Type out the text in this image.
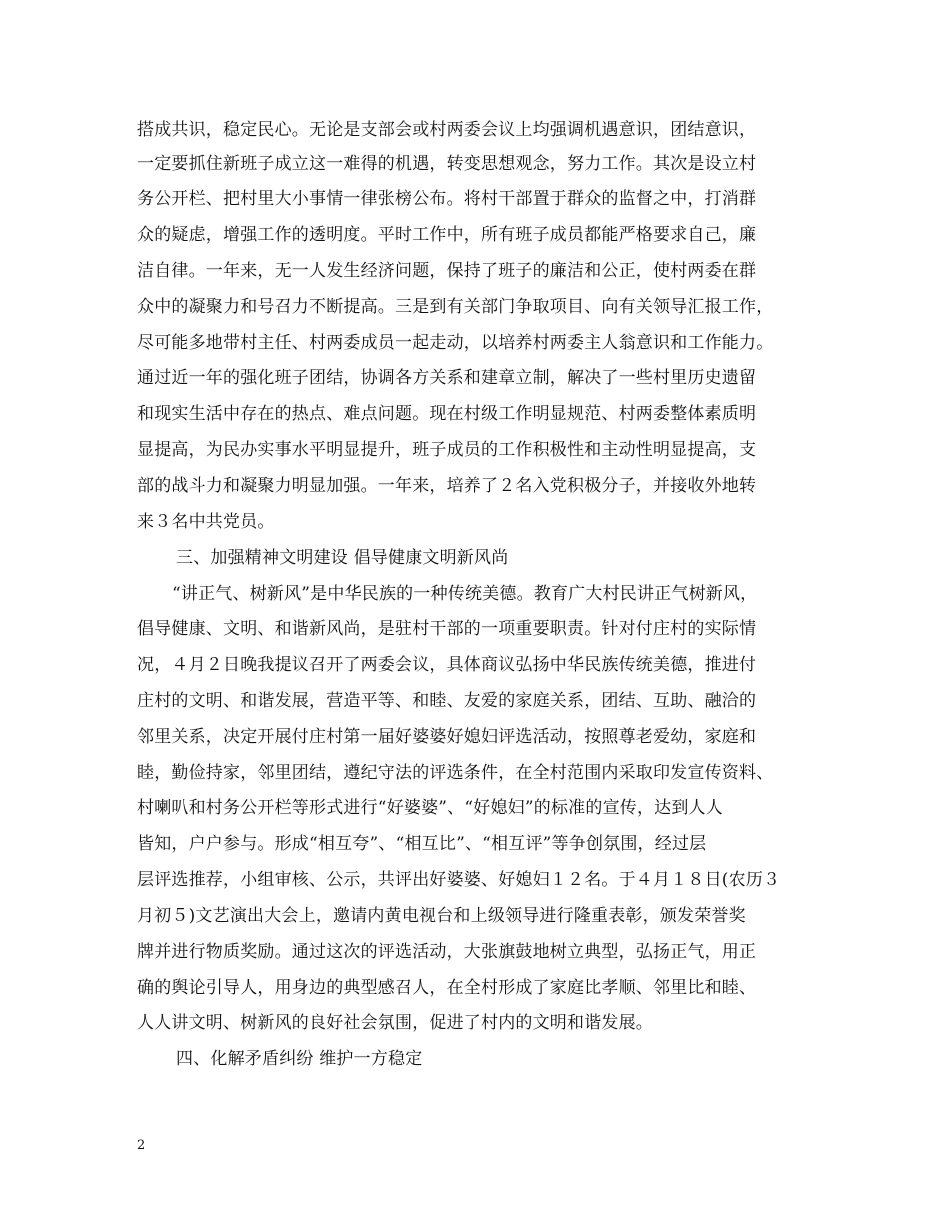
搭成共识，稳定民心。无论是支部会或村两委会议上均强调机遇意识，团结意识，
一定要抓住新班子成立这一难得的机遇，转变思想观念，努力工作。其次是设立村
务公开栏、把村里大小事情一律张榜公布。将村干部置于群众的监督之中，打消群
众的疑虑，增强工作的透明度。平时工作中，所有班子成员都能严格要求自己，廉
洁自律。一年来，无一人发生经济问题，保持了班子的廉洁和公正，使村两委在群
众中的凝聚力和号召力不断提高。三是到有关部门争取项目、向有关领导汇报工作，
尽可能多地带村主任、村两委成员一起走动，以培养村两委主人翁意识和工作能力。
通过近一年的强化班子团结，协调各方关系和建章立制，解决了一些村里历史遗留
和现实生活中存在的热点、难点问题。现在村级工作明显规范、村两委整体素质明
显提高，为民办实事水平明显提升，班子成员的工作积极性和主动性明显提高，支
部的战斗力和凝聚力明显加强。一年来，培养了２名入党积极分子，并接收外地转
来３名中共党员。
三、加强精神文明建设 倡导健康文明新风尚
“讲正气、树新风”是中华民族的一种传统美德。教育广大村民讲正气树新风，
倡导健康、文明、和谐新风尚，是驻村干部的一项重要职责。针对付庄村的实际情
况，４月２日晚我提议召开了两委会议，具体商议弘扬中华民族传统美德，推进付
庄村的文明、和谐发展，营造平等、和睦、友爱的家庭关系，团结、互助、融洽的
邻里关系，决定开展付庄村第一届好婆婆好媳妇评选活动，按照尊老爱幼，家庭和
睦，勤俭持家，邻里团结，遵纪守法的评选条件，在全村范围内采取印发宣传资料、
村喇叭和村务公开栏等形式进行“好婆婆”、“好媳妇”的标准的宣传，达到人人
皆知，户户参与。形成“相互夸”、“相互比”、“相互评”等争创氛围，经过层
层评选推荐，小组审核、公示，共评出好婆婆、好媳妇１２名。于４月１８日(农历３
月初５)文艺演出大会上，邀请内黄电视台和上级领导进行隆重表彰，颁发荣誉奖
牌并进行物质奖励。通过这次的评选活动，大张旗鼓地树立典型，弘扬正气，用正
确的舆论引导人，用身边的典型感召人，在全村形成了家庭比孝顺、邻里比和睦、
人人讲文明、树新风的良好社会氛围，促进了村内的文明和谐发展。
四、化解矛盾纠纷 维护一方稳定
2
